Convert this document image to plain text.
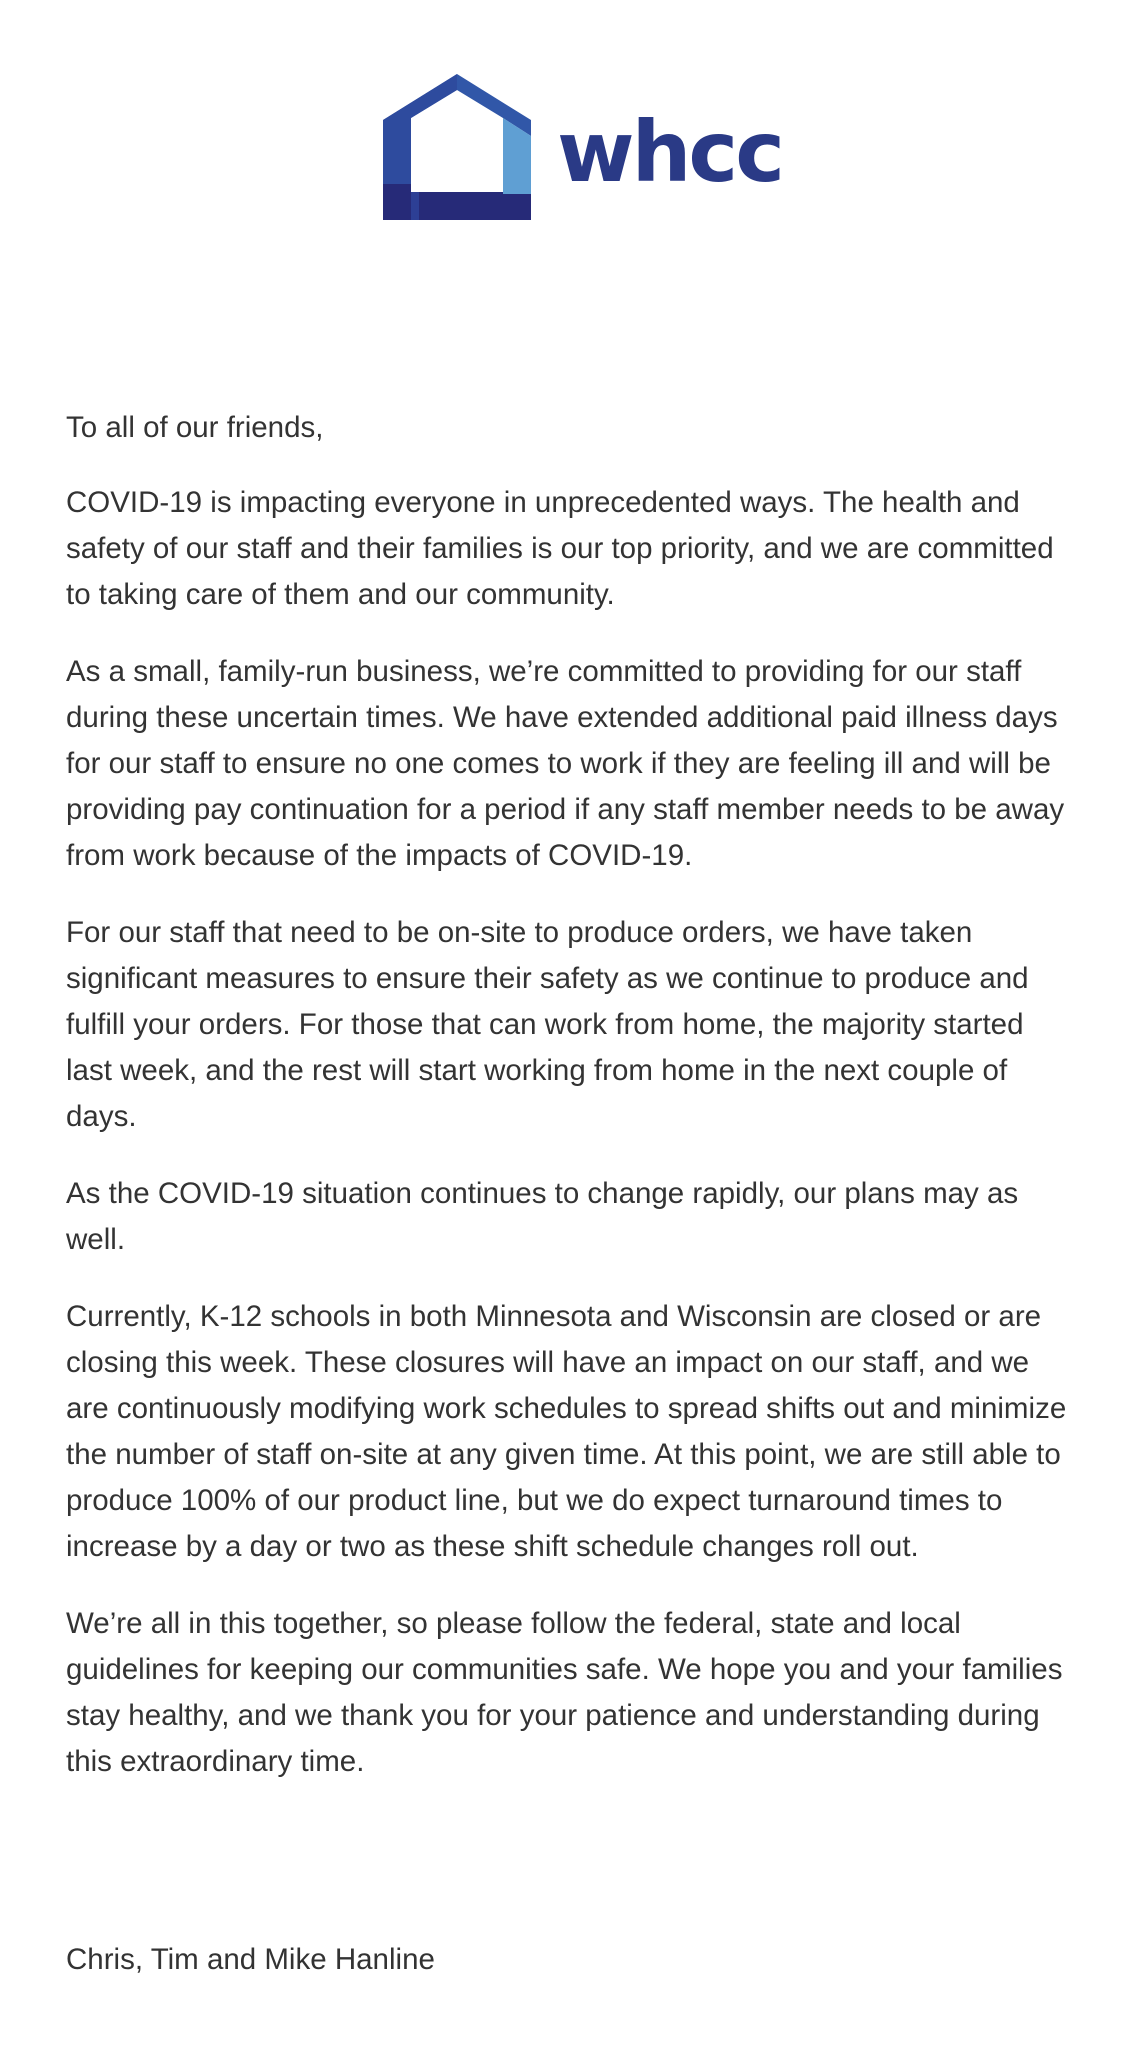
whcc

To all of our friends,

COVID-19 is impacting everyone in unprecedented ways. The health and safety of our staff and their families is our top priority, and we are committed to taking care of them and our community.

As a small, family-run business, we’re committed to providing for our staff during these uncertain times. We have extended additional paid illness days for our staff to ensure no one comes to work if they are feeling ill and will be providing pay continuation for a period if any staff member needs to be away from work because of the impacts of COVID-19.

For our staff that need to be on-site to produce orders, we have taken significant measures to ensure their safety as we continue to produce and fulfill your orders. For those that can work from home, the majority started last week, and the rest will start working from home in the next couple of days.

As the COVID-19 situation continues to change rapidly, our plans may as well.

Currently, K-12 schools in both Minnesota and Wisconsin are closed or are closing this week. These closures will have an impact on our staff, and we are continuously modifying work schedules to spread shifts out and minimize the number of staff on-site at any given time. At this point, we are still able to produce 100% of our product line, but we do expect turnaround times to increase by a day or two as these shift schedule changes roll out.

We’re all in this together, so please follow the federal, state and local guidelines for keeping our communities safe. We hope you and your families stay healthy, and we thank you for your patience and understanding during this extraordinary time.

Chris, Tim and Mike Hanline
